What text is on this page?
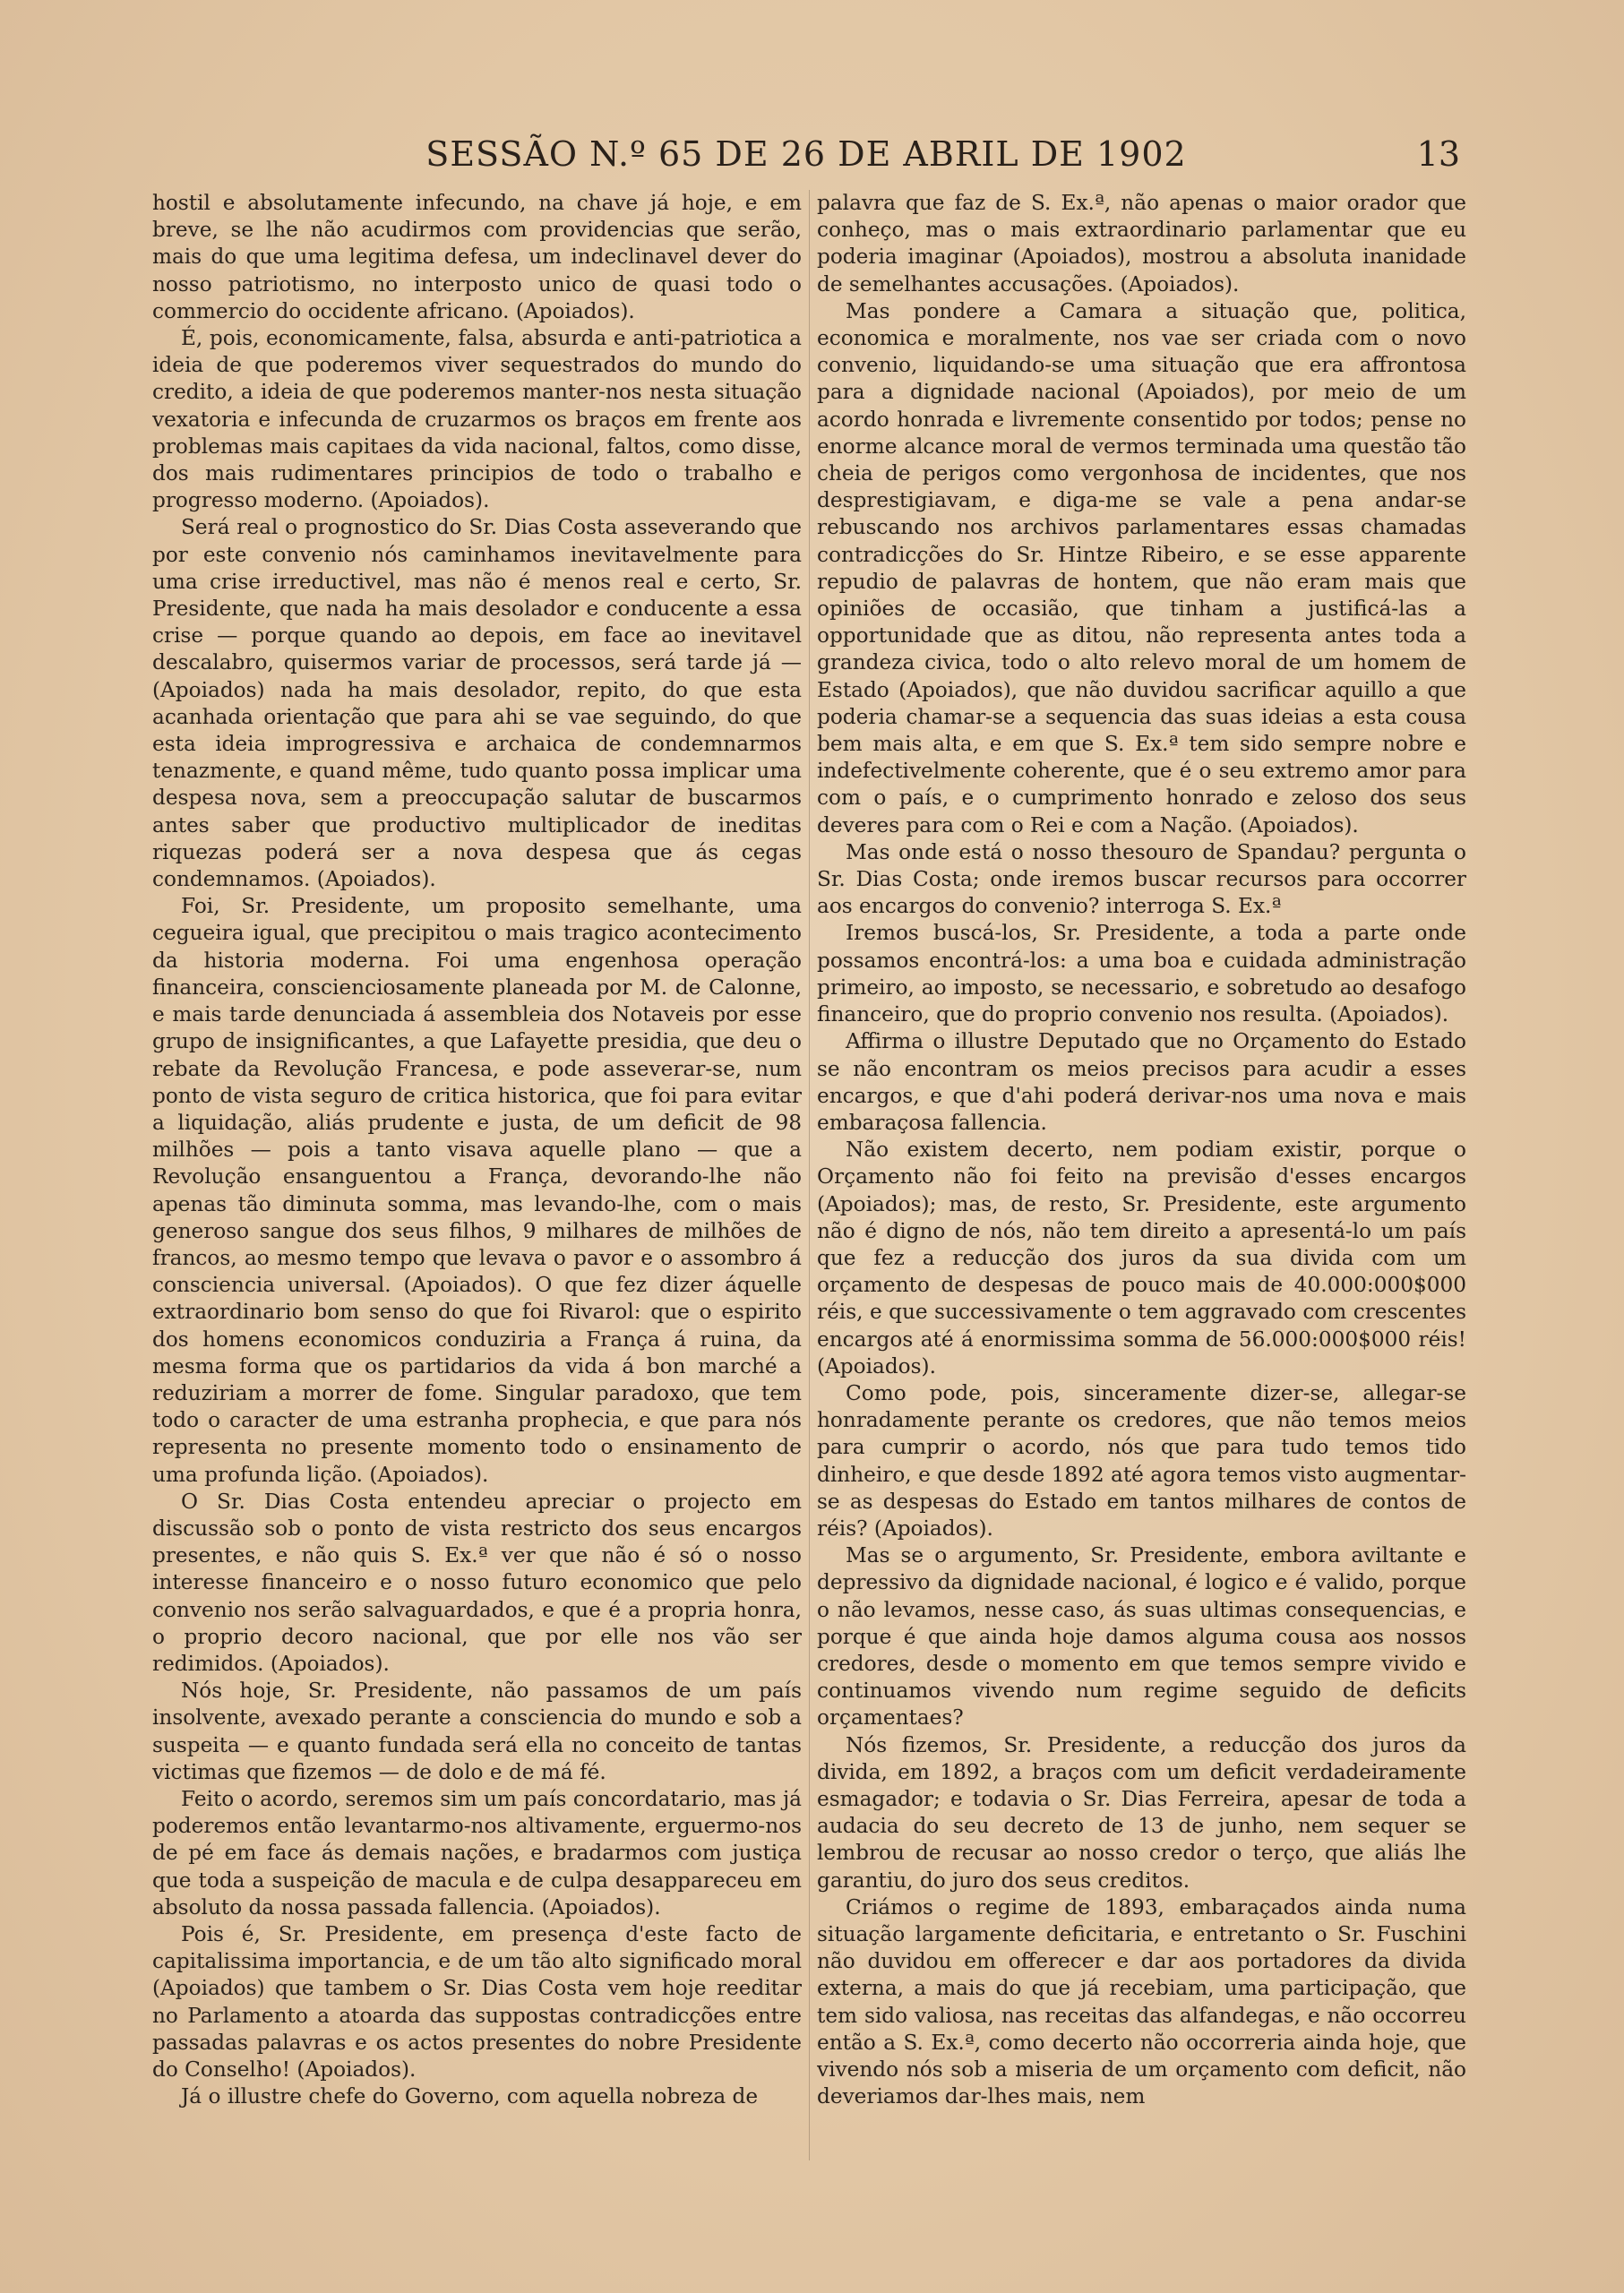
SESSÃO N.º 65 DE 26 DE ABRIL DE 1902	13

hostil e absolutamente infecundo, na chave já hoje, e em breve, se lhe não acudirmos com providencias que serão, mais do que uma legitima defesa, um indeclinavel dever do nosso patriotismo, no interposto unico de quasi todo o commercio do occidente africano. (Apoiados).

É, pois, economicamente, falsa, absurda e anti-patriotica a ideia de que poderemos viver sequestrados do mundo do credito, a ideia de que poderemos manter-nos nesta situação vexatoria e infecunda de cruzarmos os braços em frente aos problemas mais capitaes da vida nacional, faltos, como disse, dos mais rudimentares principios de todo o trabalho e progresso moderno. (Apoiados).

Será real o prognostico do Sr. Dias Costa asseverando que por este convenio nós caminhamos inevitavelmente para uma crise irreductivel, mas não é menos real e certo, Sr. Presidente, que nada ha mais desolador e conducente a essa crise — porque quando ao depois, em face ao inevitavel descalabro, quisermos variar de processos, será tarde já — (Apoiados) nada ha mais desolador, repito, do que esta acanhada orientação que para ahi se vae seguindo, do que esta ideia improgressiva e archaica de condemnarmos tenazmente, e quand même, tudo quanto possa implicar uma despesa nova, sem a preoccupação salutar de buscarmos antes saber que productivo multiplicador de ineditas riquezas poderá ser a nova despesa que ás cegas condemnamos. (Apoiados).

Foi, Sr. Presidente, um proposito semelhante, uma cegueira igual, que precipitou o mais tragico acontecimento da historia moderna. Foi uma engenhosa operação financeira, conscienciosamente planeada por M. de Calonne, e mais tarde denunciada á assembleia dos Notaveis por esse grupo de insignificantes, a que Lafayette presidia, que deu o rebate da Revolução Francesa, e pode asseverar-se, num ponto de vista seguro de critica historica, que foi para evitar a liquidação, aliás prudente e justa, de um deficit de 98 milhões — pois a tanto visava aquelle plano — que a Revolução ensanguentou a França, devorando-lhe não apenas tão diminuta somma, mas levando-lhe, com o mais generoso sangue dos seus filhos, 9 milhares de milhões de francos, ao mesmo tempo que levava o pavor e o assombro á consciencia universal. (Apoiados). O que fez dizer áquelle extraordinario bom senso do que foi Rivarol: que o espirito dos homens economicos conduziria a França á ruina, da mesma forma que os partidarios da vida á bon marché a reduziriam a morrer de fome. Singular paradoxo, que tem todo o caracter de uma estranha prophecia, e que para nós representa no presente momento todo o ensinamento de uma profunda lição. (Apoiados).

O Sr. Dias Costa entendeu apreciar o projecto em discussão sob o ponto de vista restricto dos seus encargos presentes, e não quis S. Ex.ª ver que não é só o nosso interesse financeiro e o nosso futuro economico que pelo convenio nos serão salvaguardados, e que é a propria honra, o proprio decoro nacional, que por elle nos vão ser redimidos. (Apoiados).

Nós hoje, Sr. Presidente, não passamos de um país insolvente, avexado perante a consciencia do mundo e sob a suspeita — e quanto fundada será ella no conceito de tantas victimas que fizemos — de dolo e de má fé.

Feito o acordo, seremos sim um país concordatario, mas já poderemos então levantarmo-nos altivamente, erguermo-nos de pé em face ás demais nações, e bradarmos com justiça que toda a suspeição de macula e de culpa desappareceu em absoluto da nossa passada fallencia. (Apoiados).

Pois é, Sr. Presidente, em presença d'este facto de capitalissima importancia, e de um tão alto significado moral (Apoiados) que tambem o Sr. Dias Costa vem hoje reeditar no Parlamento a atoarda das suppostas contradicções entre passadas palavras e os actos presentes do nobre Presidente do Conselho! (Apoiados).

Já o illustre chefe do Governo, com aquella nobreza de

palavra que faz de S. Ex.ª, não apenas o maior orador que conheço, mas o mais extraordinario parlamentar que eu poderia imaginar (Apoiados), mostrou a absoluta inanidade de semelhantes accusações. (Apoiados).

Mas pondere a Camara a situação que, politica, economica e moralmente, nos vae ser criada com o novo convenio, liquidando-se uma situação que era affrontosa para a dignidade nacional (Apoiados), por meio de um acordo honrada e livremente consentido por todos; pense no enorme alcance moral de vermos terminada uma questão tão cheia de perigos como vergonhosa de incidentes, que nos desprestigiavam, e diga-me se vale a pena andar-se rebuscando nos archivos parlamentares essas chamadas contradicções do Sr. Hintze Ribeiro, e se esse apparente repudio de palavras de hontem, que não eram mais que opiniões de occasião, que tinham a justificá-las a opportunidade que as ditou, não representa antes toda a grandeza civica, todo o alto relevo moral de um homem de Estado (Apoiados), que não duvidou sacrificar aquillo a que poderia chamar-se a sequencia das suas ideias a esta cousa bem mais alta, e em que S. Ex.ª tem sido sempre nobre e indefectivelmente coherente, que é o seu extremo amor para com o país, e o cumprimento honrado e zeloso dos seus deveres para com o Rei e com a Nação. (Apoiados).

Mas onde está o nosso thesouro de Spandau? pergunta o Sr. Dias Costa; onde iremos buscar recursos para occorrer aos encargos do convenio? interroga S. Ex.ª

Iremos buscá-los, Sr. Presidente, a toda a parte onde possamos encontrá-los: a uma boa e cuidada administração primeiro, ao imposto, se necessario, e sobretudo ao desafogo financeiro, que do proprio convenio nos resulta. (Apoiados).

Affirma o illustre Deputado que no Orçamento do Estado se não encontram os meios precisos para acudir a esses encargos, e que d'ahi poderá derivar-nos uma nova e mais embaraçosa fallencia.

Não existem decerto, nem podiam existir, porque o Orçamento não foi feito na previsão d'esses encargos (Apoiados); mas, de resto, Sr. Presidente, este argumento não é digno de nós, não tem direito a apresentá-lo um país que fez a reducção dos juros da sua divida com um orçamento de despesas de pouco mais de 40.000:000$000 réis, e que successivamente o tem aggravado com crescentes encargos até á enormissima somma de 56.000:000$000 réis! (Apoiados).

Como pode, pois, sinceramente dizer-se, allegar-se honradamente perante os credores, que não temos meios para cumprir o acordo, nós que para tudo temos tido dinheiro, e que desde 1892 até agora temos visto augmentar-se as despesas do Estado em tantos milhares de contos de réis? (Apoiados).

Mas se o argumento, Sr. Presidente, embora aviltante e depressivo da dignidade nacional, é logico e é valido, porque o não levamos, nesse caso, ás suas ultimas consequencias, e porque é que ainda hoje damos alguma cousa aos nossos credores, desde o momento em que temos sempre vivido e continuamos vivendo num regime seguido de deficits orçamentaes?

Nós fizemos, Sr. Presidente, a reducção dos juros da divida, em 1892, a braços com um deficit verdadeiramente esmagador; e todavia o Sr. Dias Ferreira, apesar de toda a audacia do seu decreto de 13 de junho, nem sequer se lembrou de recusar ao nosso credor o terço, que aliás lhe garantiu, do juro dos seus creditos.

Criámos o regime de 1893, embaraçados ainda numa situação largamente deficitaria, e entretanto o Sr. Fuschini não duvidou em offerecer e dar aos portadores da divida externa, a mais do que já recebiam, uma participação, que tem sido valiosa, nas receitas das alfandegas, e não occorreu então a S. Ex.ª, como decerto não occorreria ainda hoje, que vivendo nós sob a miseria de um orçamento com deficit, não deveriamos dar-lhes mais, nem
